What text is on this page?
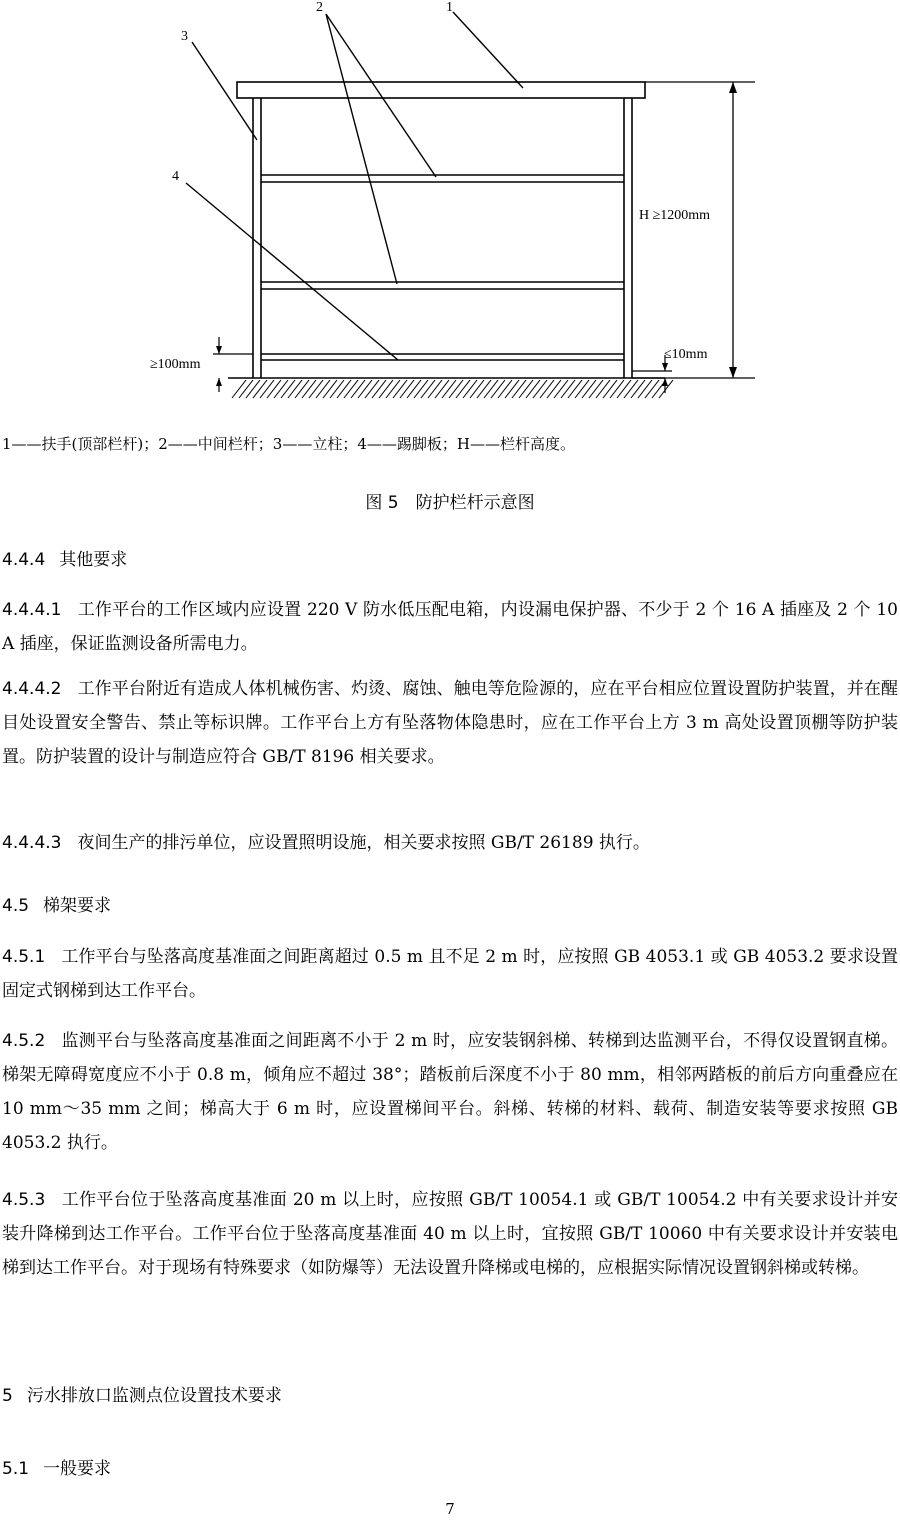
1
2
3
4
H ≥1200mm
≥100mm
≤10mm
1——扶手(顶部栏杆)；2——中间栏杆；3——立柱；4——踢脚板；H——栏杆高度。
图 5　防护栏杆示意图
4.4.4 其他要求
4.4.4.1 工作平台的工作区域内应设置 220 V 防水低压配电箱，内设漏电保护器、不少于 2 个 16 A 插座及 2 个 10 A 插座，保证监测设备所需电力。
4.4.4.2 工作平台附近有造成人体机械伤害、灼烫、腐蚀、触电等危险源的，应在平台相应位置设置防护装置，并在醒目处设置安全警告、禁止等标识牌。工作平台上方有坠落物体隐患时，应在工作平台上方 3 m 高处设置顶棚等防护装置。防护装置的设计与制造应符合 GB/T 8196 相关要求。
4.4.4.3 夜间生产的排污单位，应设置照明设施，相关要求按照 GB/T 26189 执行。
4.5 梯架要求
4.5.1 工作平台与坠落高度基准面之间距离超过 0.5 m 且不足 2 m 时，应按照 GB 4053.1 或 GB 4053.2 要求设置固定式钢梯到达工作平台。
4.5.2 监测平台与坠落高度基准面之间距离不小于 2 m 时，应安装钢斜梯、转梯到达监测平台，不得仅设置钢直梯。梯架无障碍宽度应不小于 0.8 m，倾角应不超过 38°；踏板前后深度不小于 80 mm，相邻两踏板的前后方向重叠应在 10 mm～35 mm 之间；梯高大于 6 m 时，应设置梯间平台。斜梯、转梯的材料、载荷、制造安装等要求按照 GB 4053.2 执行。
4.5.3 工作平台位于坠落高度基准面 20 m 以上时，应按照 GB/T 10054.1 或 GB/T 10054.2 中有关要求设计并安装升降梯到达工作平台。工作平台位于坠落高度基准面 40 m 以上时，宜按照 GB/T 10060 中有关要求设计并安装电梯到达工作平台。对于现场有特殊要求（如防爆等）无法设置升降梯或电梯的，应根据实际情况设置钢斜梯或转梯。
5 污水排放口监测点位设置技术要求
5.1 一般要求
7
